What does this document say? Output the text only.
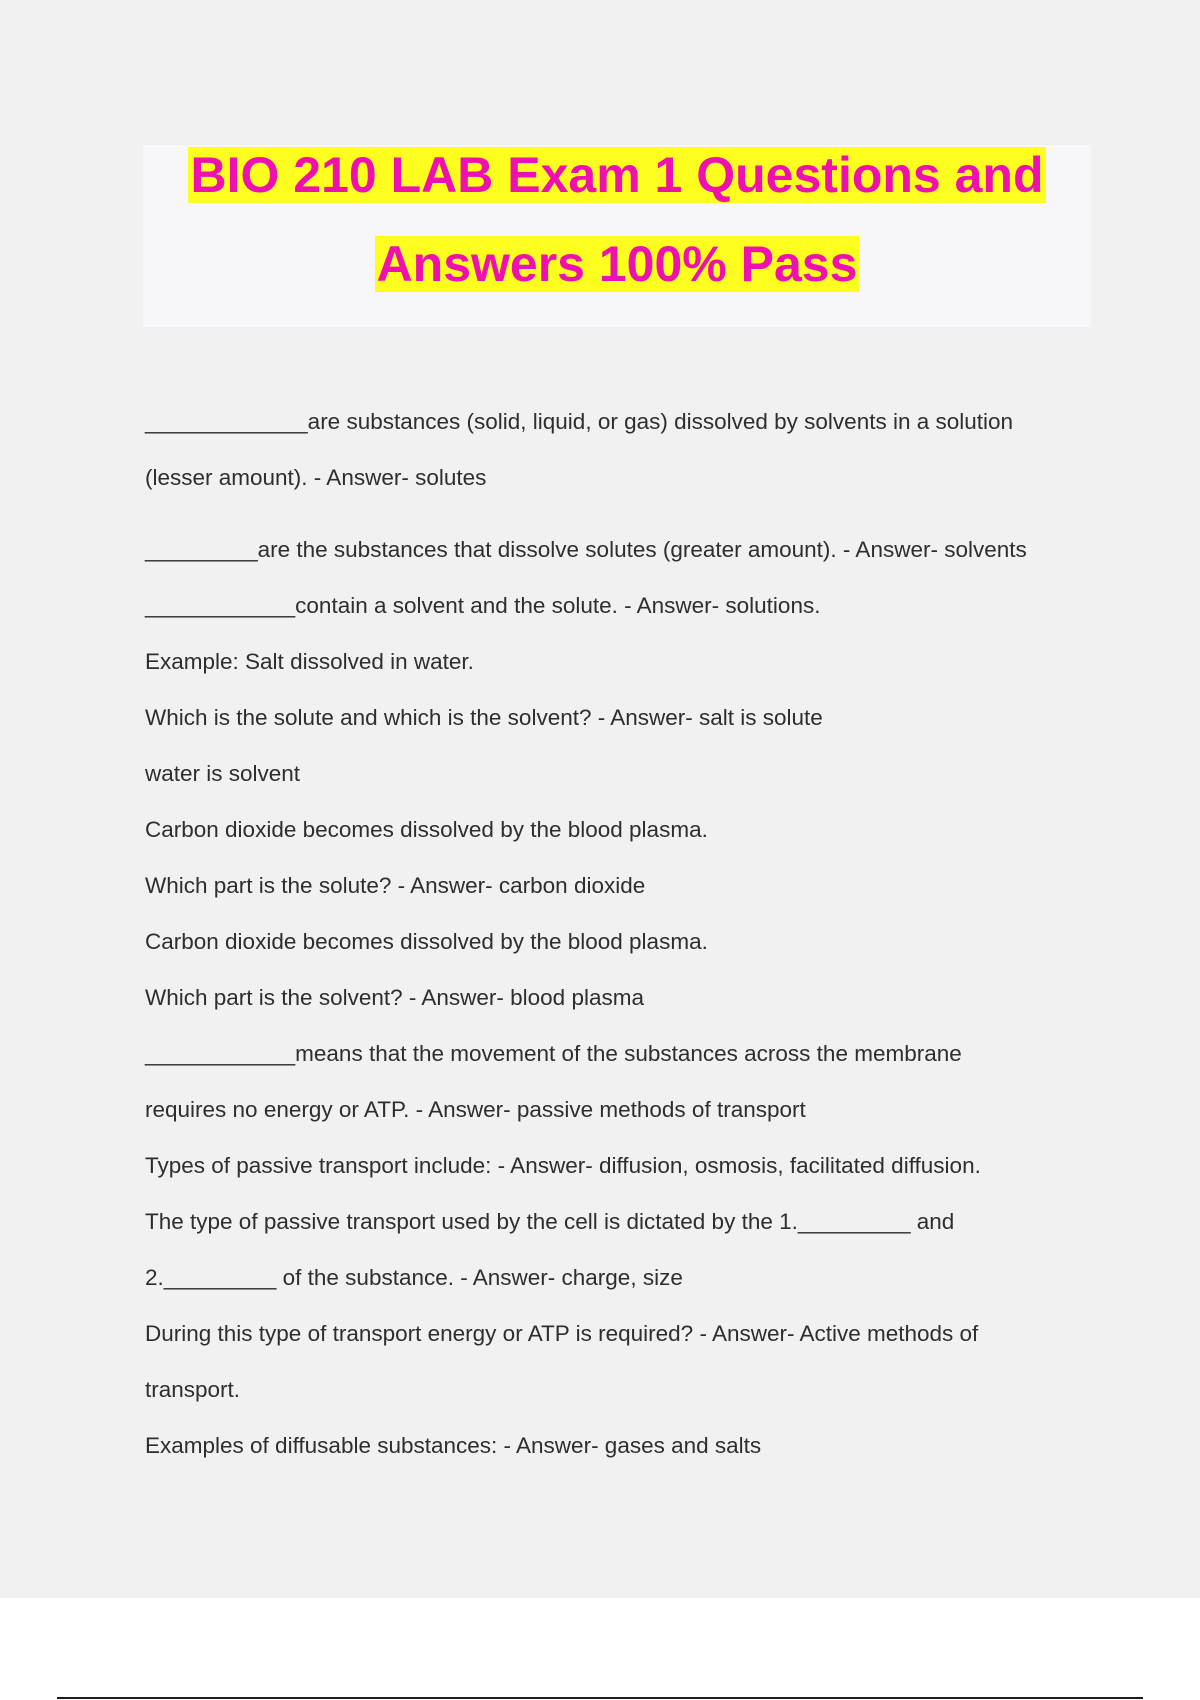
BIO 210 LAB Exam 1 Questions and
Answers 100% Pass
_____________are substances (solid, liquid, or gas) dissolved by solvents in a solution
(lesser amount). - Answer- solutes
_________are the substances that dissolve solutes (greater amount). - Answer- solvents
____________contain a solvent and the solute. - Answer- solutions.
Example: Salt dissolved in water.
Which is the solute and which is the solvent? - Answer- salt is solute
water is solvent
Carbon dioxide becomes dissolved by the blood plasma.
Which part is the solute? - Answer- carbon dioxide
Carbon dioxide becomes dissolved by the blood plasma.
Which part is the solvent? - Answer- blood plasma
____________means that the movement of the substances across the membrane
requires no energy or ATP. - Answer- passive methods of transport
Types of passive transport include: - Answer- diffusion, osmosis, facilitated diffusion.
The type of passive transport used by the cell is dictated by the 1._________ and
2._________ of the substance. - Answer- charge, size
During this type of transport energy or ATP is required? - Answer- Active methods of
transport.
Examples of diffusable substances: - Answer- gases and salts
